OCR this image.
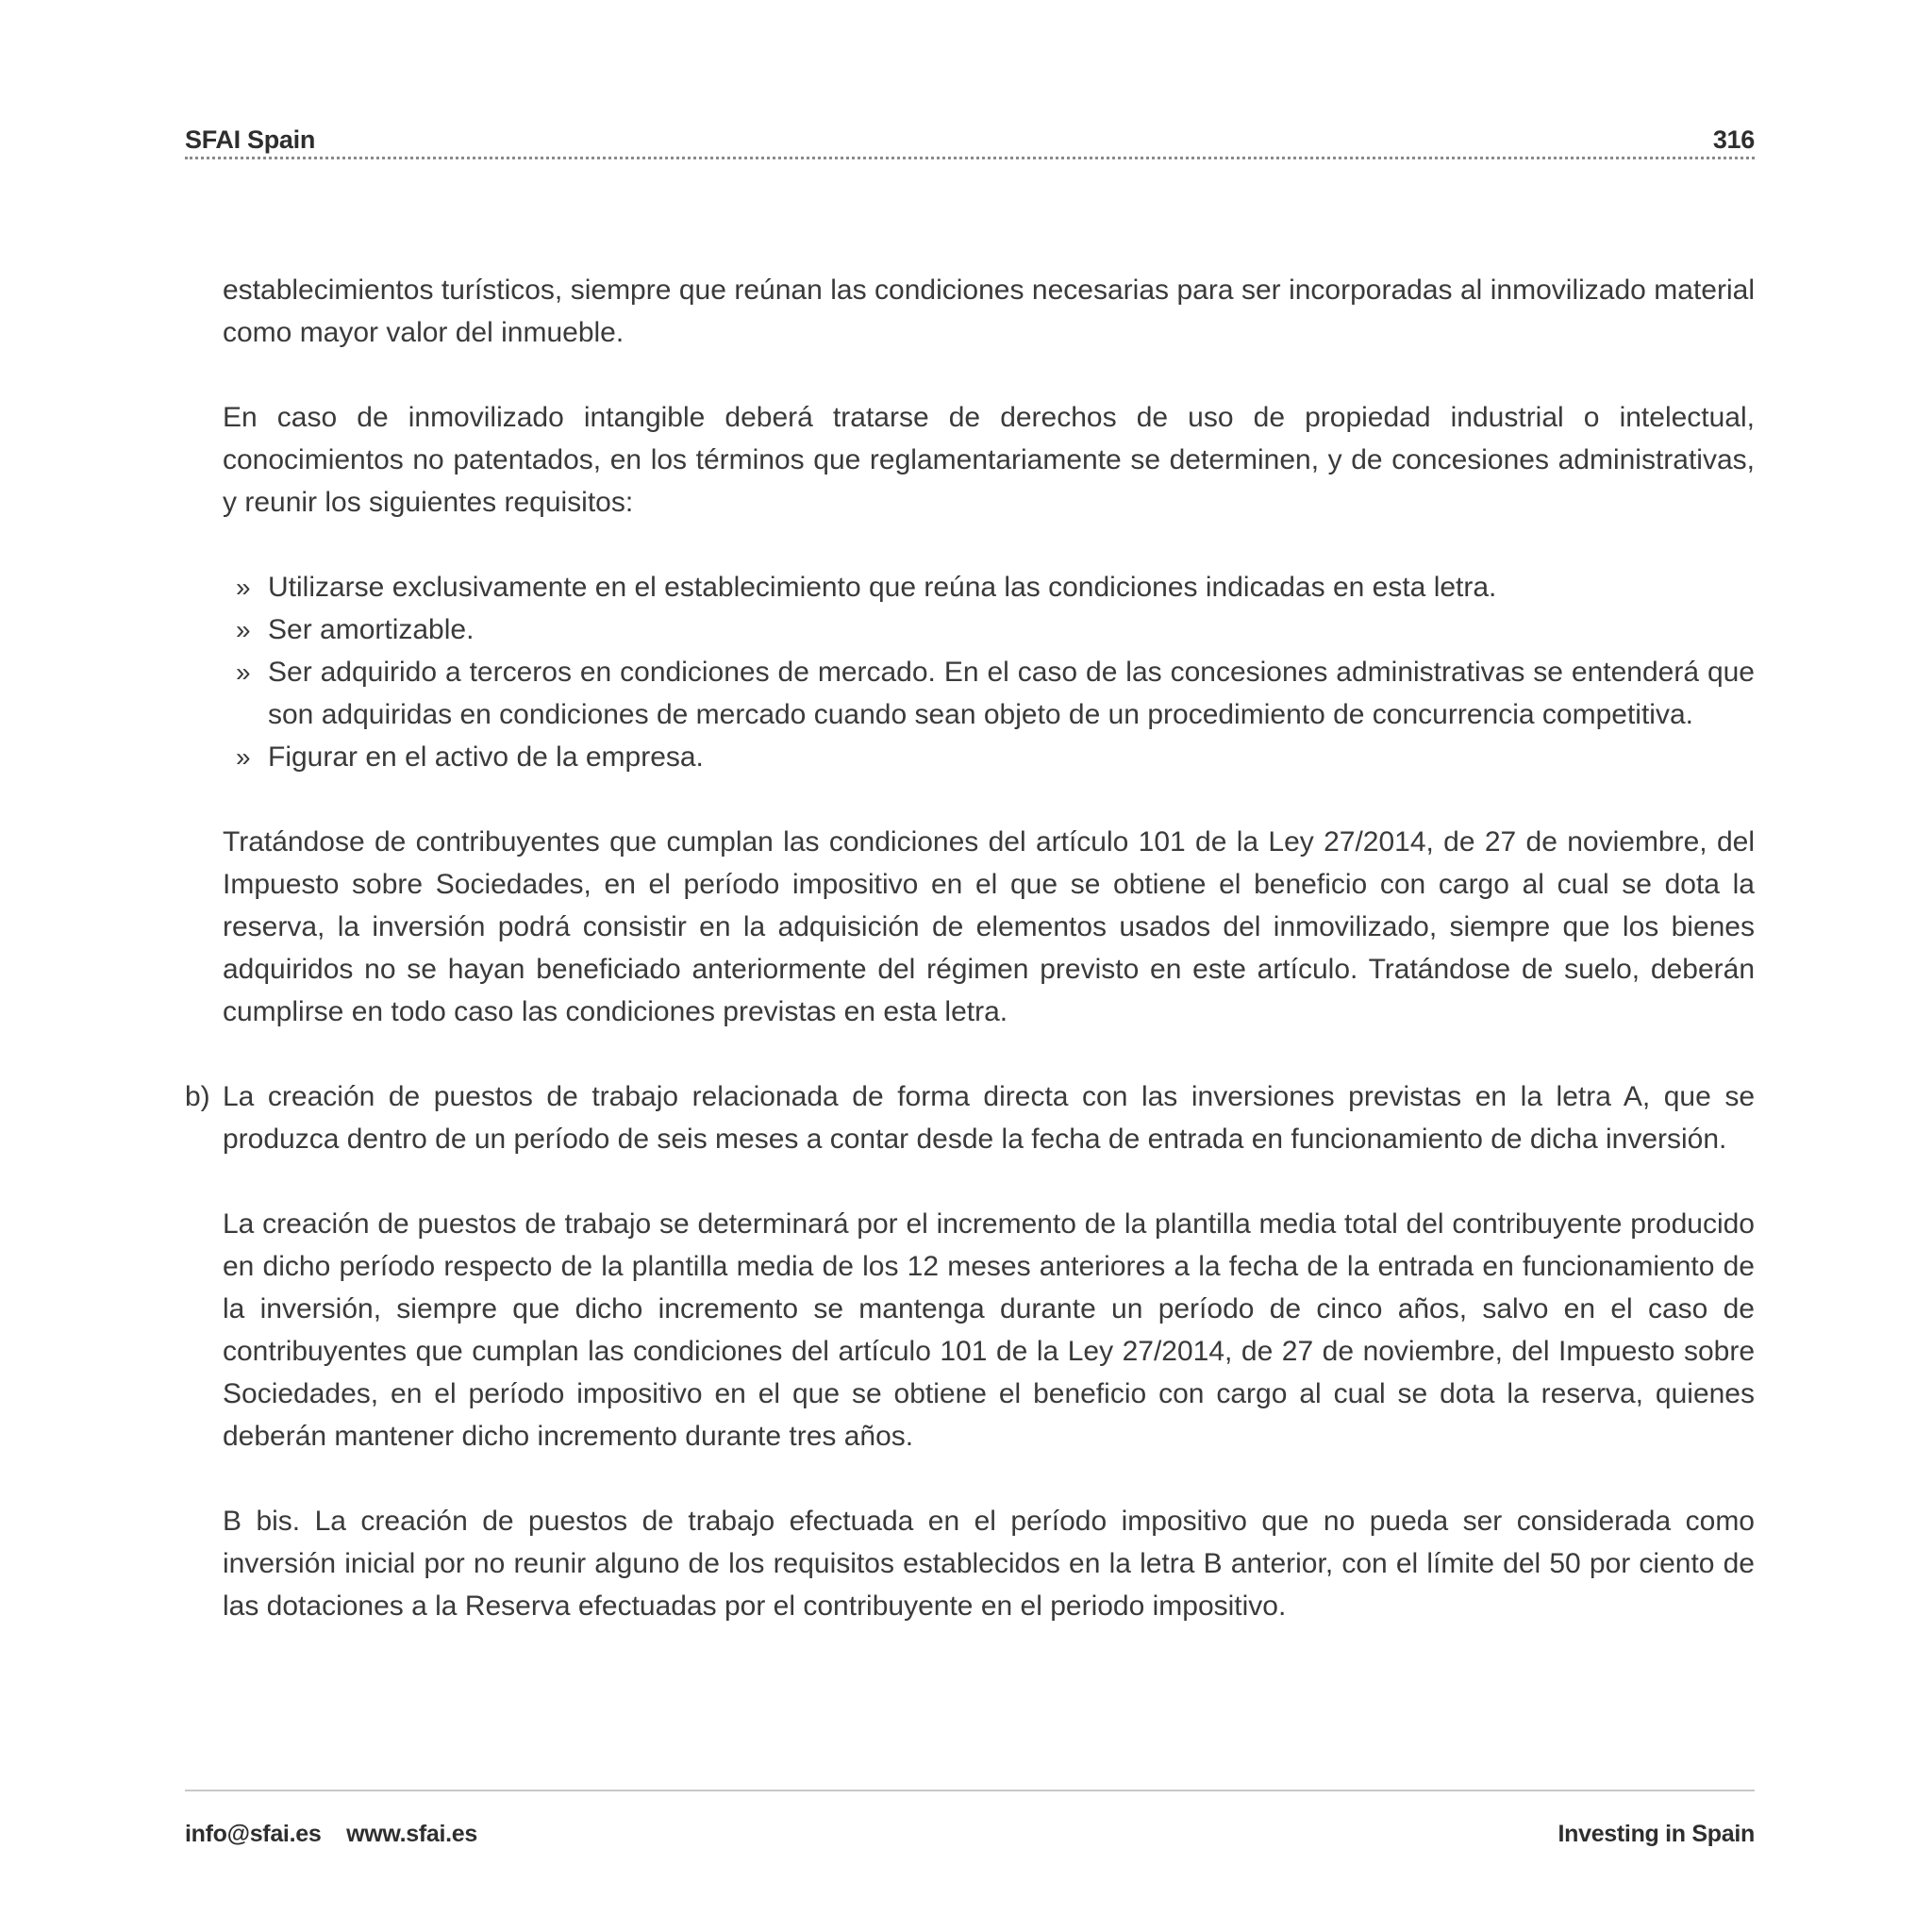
SFAI Spain	316

establecimientos turísticos, siempre que reúnan las condiciones necesarias para ser incorporadas al inmovilizado material como mayor valor del inmueble.

En caso de inmovilizado intangible deberá tratarse de derechos de uso de propiedad industrial o intelectual, conocimientos no patentados, en los términos que reglamentariamente se determinen, y de concesiones administrativas, y reunir los siguientes requisitos:

» Utilizarse exclusivamente en el establecimiento que reúna las condiciones indicadas en esta letra.
» Ser amortizable.
» Ser adquirido a terceros en condiciones de mercado. En el caso de las concesiones administrativas se entenderá que son adquiridas en condiciones de mercado cuando sean objeto de un procedimiento de concurrencia competitiva.
» Figurar en el activo de la empresa.

Tratándose de contribuyentes que cumplan las condiciones del artículo 101 de la Ley 27/2014, de 27 de noviembre, del Impuesto sobre Sociedades, en el período impositivo en el que se obtiene el beneficio con cargo al cual se dota la reserva, la inversión podrá consistir en la adquisición de elementos usados del inmovilizado, siempre que los bienes adquiridos no se hayan beneficiado anteriormente del régimen previsto en este artículo. Tratándose de suelo, deberán cumplirse en todo caso las condiciones previstas en esta letra.

b) La creación de puestos de trabajo relacionada de forma directa con las inversiones previstas en la letra A, que se produzca dentro de un período de seis meses a contar desde la fecha de entrada en funcionamiento de dicha inversión.

La creación de puestos de trabajo se determinará por el incremento de la plantilla media total del contribuyente producido en dicho período respecto de la plantilla media de los 12 meses anteriores a la fecha de la entrada en funcionamiento de la inversión, siempre que dicho incremento se mantenga durante un período de cinco años, salvo en el caso de contribuyentes que cumplan las condiciones del artículo 101 de la Ley 27/2014, de 27 de noviembre, del Impuesto sobre Sociedades, en el período impositivo en el que se obtiene el beneficio con cargo al cual se dota la reserva, quienes deberán mantener dicho incremento durante tres años.

B bis. La creación de puestos de trabajo efectuada en el período impositivo que no pueda ser considerada como inversión inicial por no reunir alguno de los requisitos establecidos en la letra B anterior, con el límite del 50 por ciento de las dotaciones a la Reserva efectuadas por el contribuyente en el periodo impositivo.

info@sfai.es www.sfai.es	Investing in Spain
